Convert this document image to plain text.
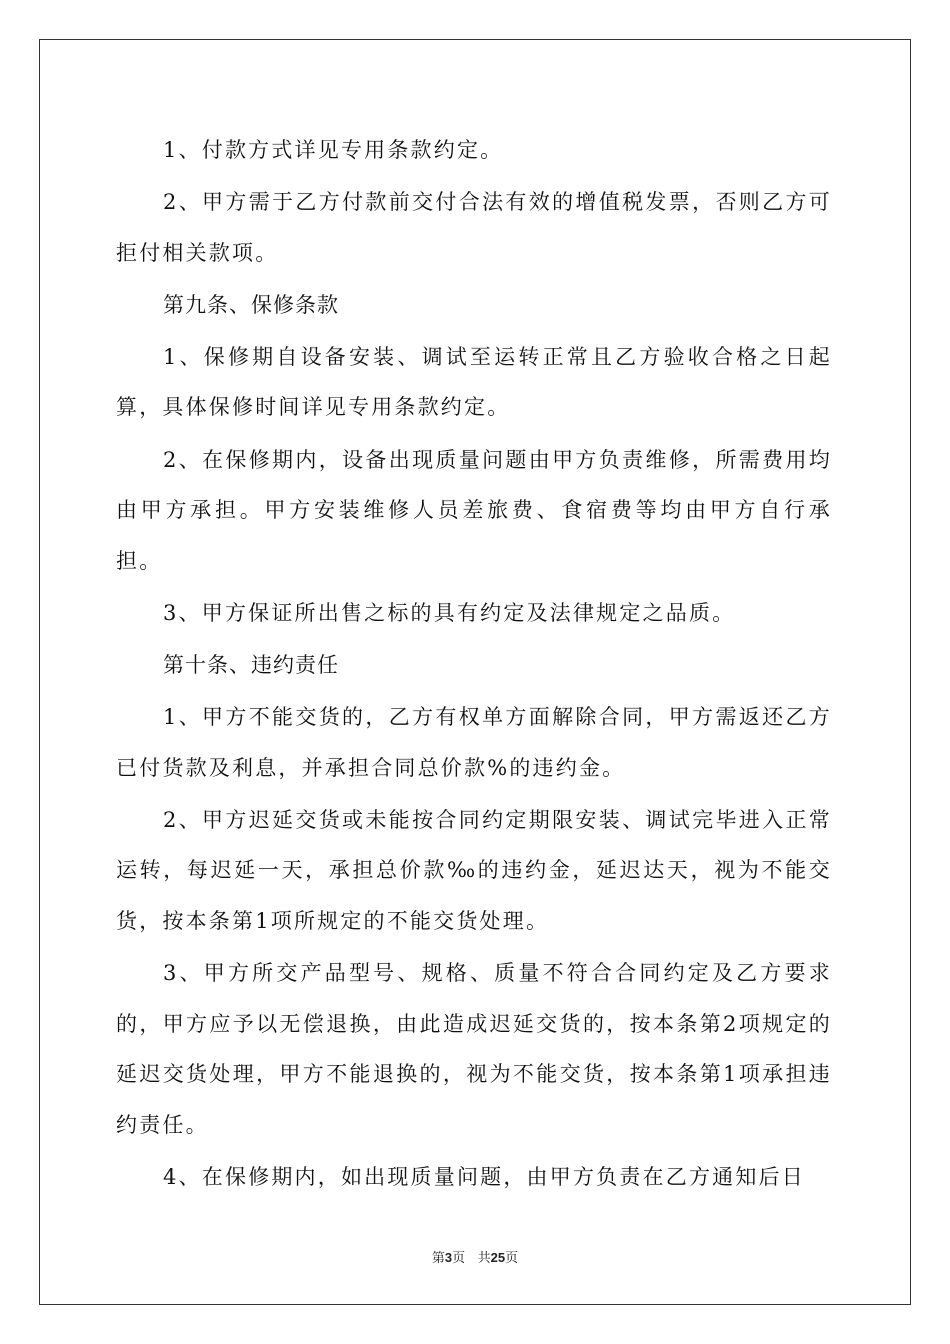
1、付款方式详见专用条款约定。

2、甲方需于乙方付款前交付合法有效的增值税发票，否则乙方可拒付相关款项。

第九条、保修条款

1、保修期自设备安装、调试至运转正常且乙方验收合格之日起算，具体保修时间详见专用条款约定。

2、在保修期内，设备出现质量问题由甲方负责维修，所需费用均由甲方承担。甲方安装维修人员差旅费、食宿费等均由甲方自行承担。

3、甲方保证所出售之标的具有约定及法律规定之品质。

第十条、违约责任

1、甲方不能交货的，乙方有权单方面解除合同，甲方需返还乙方已付货款及利息，并承担合同总价款%的违约金。

2、甲方迟延交货或未能按合同约定期限安装、调试完毕进入正常运转，每迟延一天，承担总价款‰的违约金，延迟达天，视为不能交货，按本条第1项所规定的不能交货处理。

3、甲方所交产品型号、规格、质量不符合合同约定及乙方要求的，甲方应予以无偿退换，由此造成迟延交货的，按本条第2项规定的延迟交货处理，甲方不能退换的，视为不能交货，按本条第1项承担违约责任。

4、在保修期内，如出现质量问题，由甲方负责在乙方通知后日

第3页 共25页
